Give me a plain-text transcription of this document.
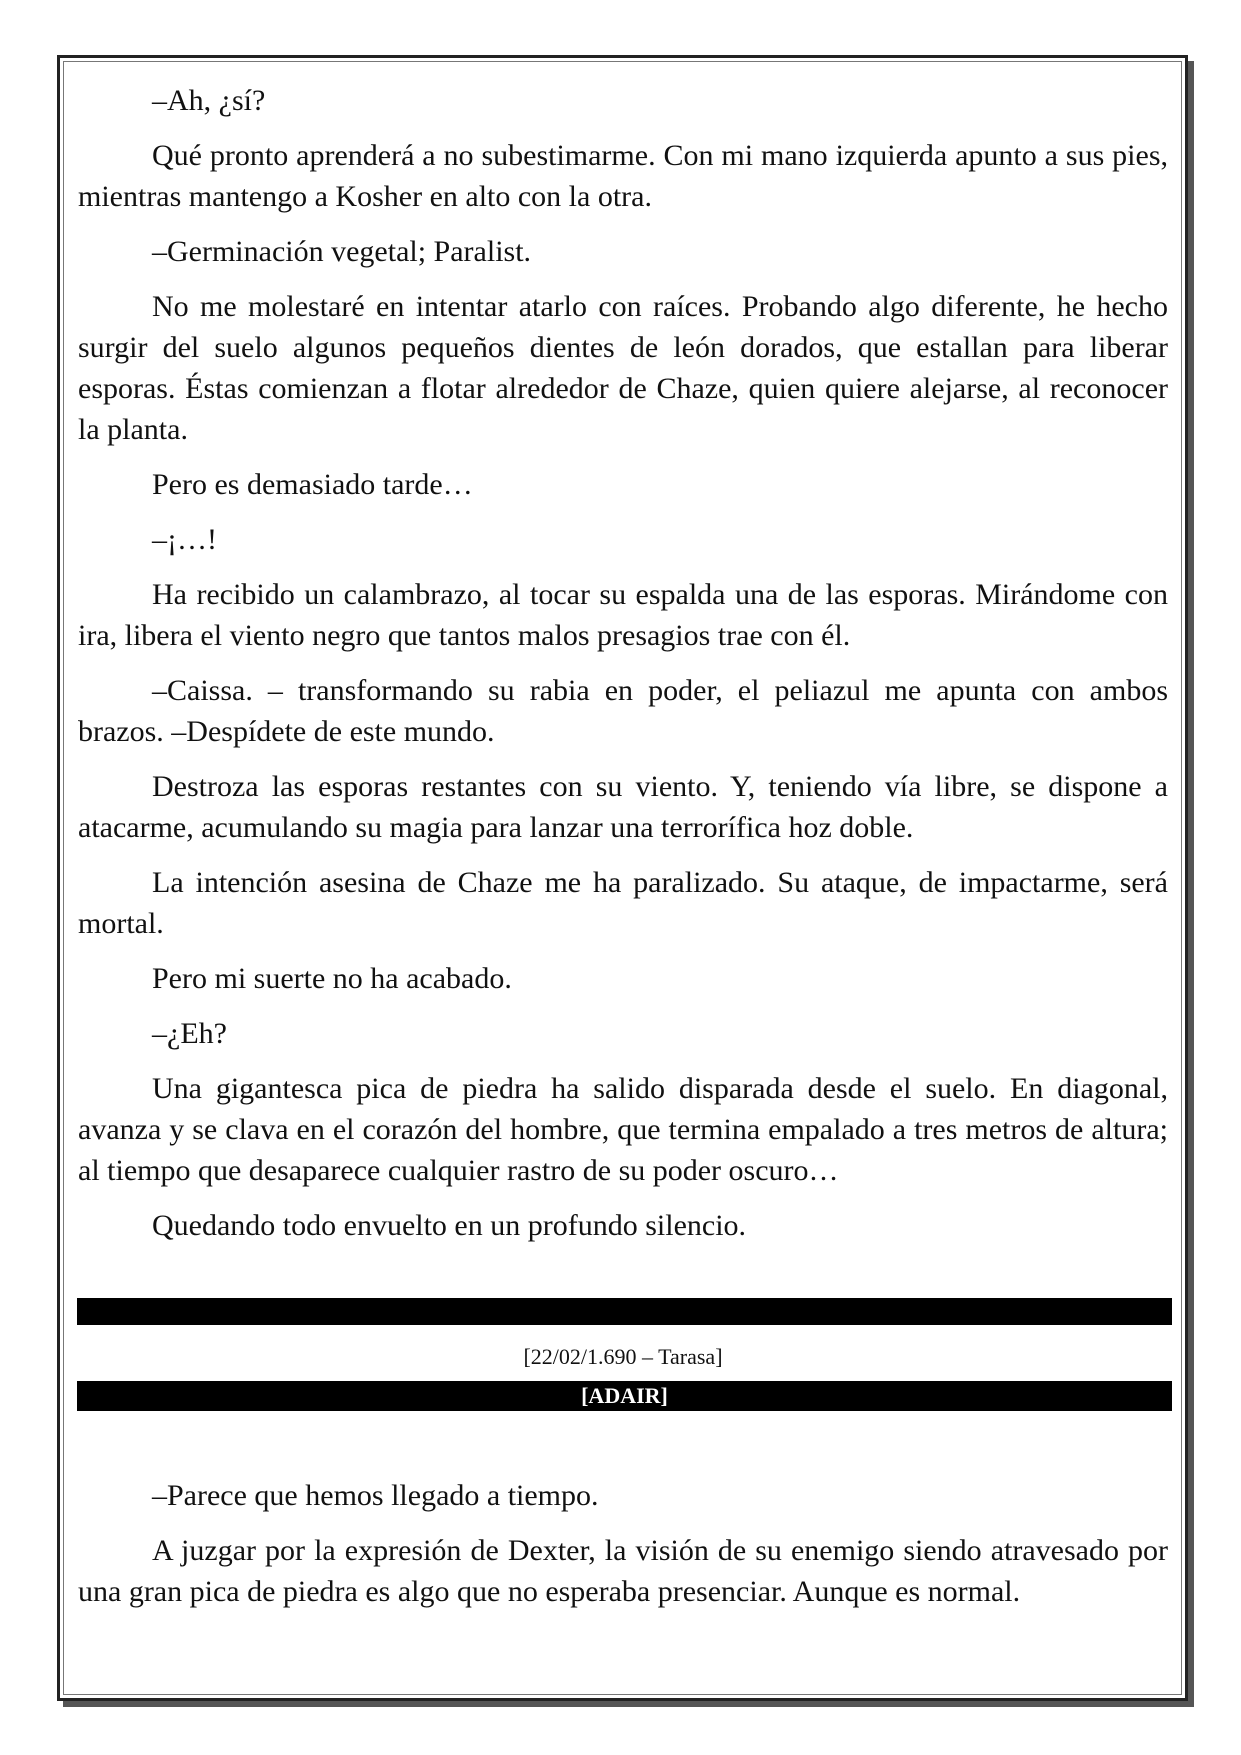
–Ah, ¿sí?

Qué pronto aprenderá a no subestimarme. Con mi mano izquierda apunto a sus pies, mientras mantengo a Kosher en alto con la otra.

–Germinación vegetal; Paralist.

No me molestaré en intentar atarlo con raíces. Probando algo diferente, he hecho surgir del suelo algunos pequeños dientes de león dorados, que estallan para liberar esporas. Éstas comienzan a flotar alrededor de Chaze, quien quiere alejarse, al reconocer la planta.

Pero es demasiado tarde…

–¡…!

Ha recibido un calambrazo, al tocar su espalda una de las esporas. Mirándome con ira, libera el viento negro que tantos malos presagios trae con él.

–Caissa. – transformando su rabia en poder, el peliazul me apunta con ambos brazos. –Despídete de este mundo.

Destroza las esporas restantes con su viento. Y, teniendo vía libre, se dispone a atacarme, acumulando su magia para lanzar una terrorífica hoz doble.

La intención asesina de Chaze me ha paralizado. Su ataque, de impactarme, será mortal.

Pero mi suerte no ha acabado.

–¿Eh?

Una gigantesca pica de piedra ha salido disparada desde el suelo. En diagonal, avanza y se clava en el corazón del hombre, que termina empalado a tres metros de altura; al tiempo que desaparece cualquier rastro de su poder oscuro…

Quedando todo envuelto en un profundo silencio.

[22/02/1.690 – Tarasa]
[ADAIR]

–Parece que hemos llegado a tiempo.

A juzgar por la expresión de Dexter, la visión de su enemigo siendo atravesado por una gran pica de piedra es algo que no esperaba presenciar. Aunque es normal.
